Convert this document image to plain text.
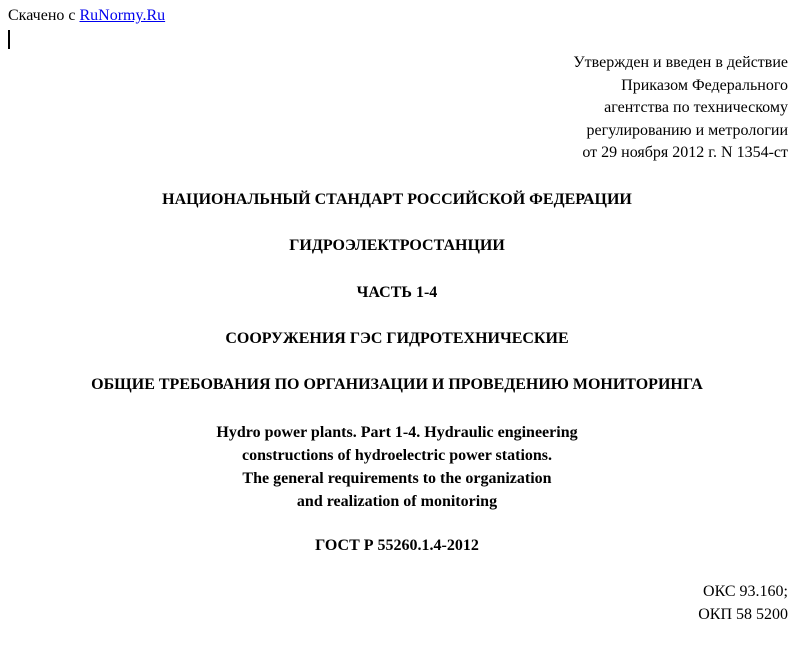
Скачено с RuNormy.Ru
Утвержден и введен в действие
Приказом Федерального
агентства по техническому
регулированию и метрологии
от 29 ноября 2012 г. N 1354-ст
НАЦИОНАЛЬНЫЙ СТАНДАРТ РОССИЙСКОЙ ФЕДЕРАЦИИ
ГИДРОЭЛЕКТРОСТАНЦИИ
ЧАСТЬ 1-4
СООРУЖЕНИЯ ГЭС ГИДРОТЕХНИЧЕСКИЕ
ОБЩИЕ ТРЕБОВАНИЯ ПО ОРГАНИЗАЦИИ И ПРОВЕДЕНИЮ МОНИТОРИНГА
Hydro power plants. Part 1-4. Hydraulic engineering
constructions of hydroelectric power stations.
The general requirements to the organization
and realization of monitoring
ГОСТ Р 55260.1.4-2012
ОКС 93.160;
ОКП 58 5200
